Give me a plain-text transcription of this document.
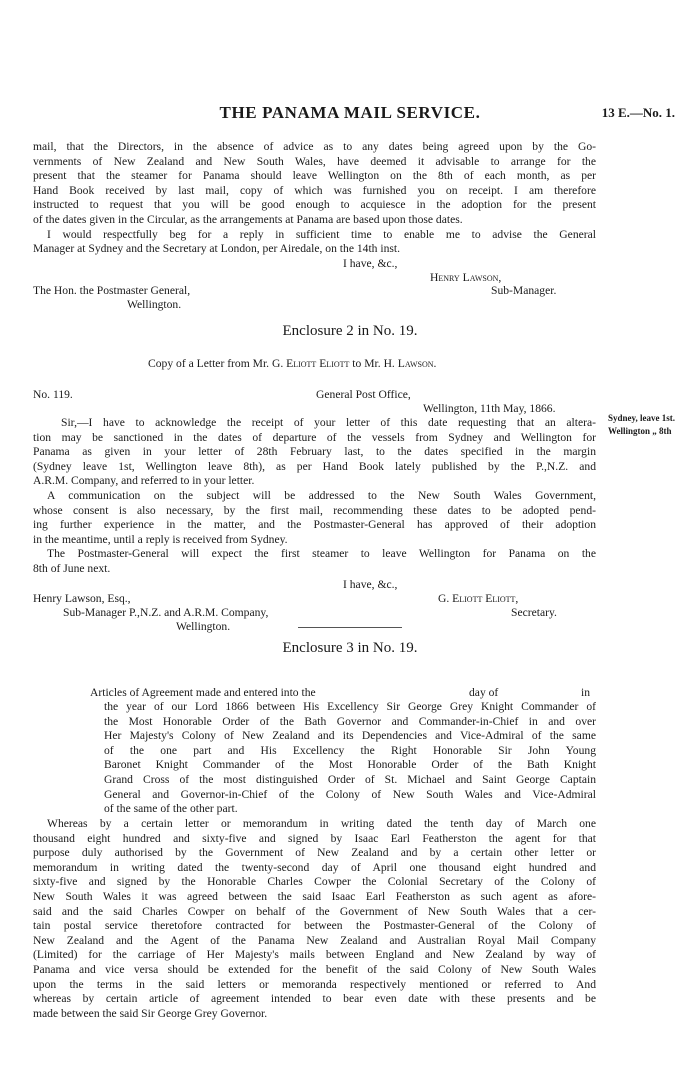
THE PANAMA MAIL SERVICE.	13 E.—No. 1.
mail, that the Directors, in the absence of advice as to any dates being agreed upon by the Go-
vernments of New Zealand and New South Wales, have deemed it advisable to arrange for the
present that the steamer for Panama should leave Wellington on the 8th of each month, as per
Hand Book received by last mail, copy of which was furnished you on receipt. I am therefore
instructed to request that you will be good enough to acquiesce in the adoption for the present
of the dates given in the Circular, as the arrangements at Panama are based upon those dates.
I would respectfully beg for a reply in sufficient time to enable me to advise the General
Manager at Sydney and the Secretary at London, per Airedale, on the 14th inst.
I have, &c.,
Henry Lawson,
The Hon. the Postmaster General,	Sub-Manager.
Wellington.
Enclosure 2 in No. 19.
Copy of a Letter from Mr. G. Eliott Eliott to Mr. H. Lawson.
No. 119.	General Post Office,
Wellington, 11th May, 1866.
Sir,—I have to acknowledge the receipt of your letter of this date requesting that an altera-
tion may be sanctioned in the dates of departure of the vessels from Sydney and Wellington for
Panama as given in your letter of 28th February last, to the dates specified in the margin
(Sydney leave 1st, Wellington leave 8th), as per Hand Book lately published by the P.,N.Z. and
A.R.M. Company, and referred to in your letter.
A communication on the subject will be addressed to the New South Wales Government,
whose consent is also necessary, by the first mail, recommending these dates to be adopted pend-
ing further experience in the matter, and the Postmaster-General has approved of their adoption
in the meantime, until a reply is received from Sydney.
The Postmaster-General will expect the first steamer to leave Wellington for Panama on the
8th of June next.
Sydney, leave 1st.
Wellington „ 8th
I have, &c.,
Henry Lawson, Esq.,	G. Eliott Eliott,
Sub-Manager P.,N.Z. and A.R.M. Company,	Secretary.
Wellington.
Enclosure 3 in No. 19.
Articles of Agreement made and entered into the	day of	in
the year of our Lord 1866 between His Excellency Sir George Grey Knight Commander of
the Most Honorable Order of the Bath Governor and Commander-in-Chief in and over
Her Majesty's Colony of New Zealand and its Dependencies and Vice-Admiral of the same
of the one part and His Excellency the Right Honorable Sir John Young
Baronet Knight Commander of the Most Honorable Order of the Bath Knight
Grand Cross of the most distinguished Order of St. Michael and Saint George Captain
General and Governor-in-Chief of the Colony of New South Wales and Vice-Admiral
of the same of the other part.
Whereas by a certain letter or memorandum in writing dated the tenth day of March one
thousand eight hundred and sixty-five and signed by Isaac Earl Featherston the agent for that
purpose duly authorised by the Government of New Zealand and by a certain other letter or
memorandum in writing dated the twenty-second day of April one thousand eight hundred and
sixty-five and signed by the Honorable Charles Cowper the Colonial Secretary of the Colony of
New South Wales it was agreed between the said Isaac Earl Featherston as such agent as afore-
said and the said Charles Cowper on behalf of the Government of New South Wales that a cer-
tain postal service theretofore contracted for between the Postmaster-General of the Colony of
New Zealand and the Agent of the Panama New Zealand and Australian Royal Mail Company
(Limited) for the carriage of Her Majesty's mails between England and New Zealand by way of
Panama and vice versa should be extended for the benefit of the said Colony of New South Wales
upon the terms in the said letters or memoranda respectively mentioned or referred to And
whereas by certain article of agreement intended to bear even date with these presents and be
made between the said Sir George Grey Governor.
